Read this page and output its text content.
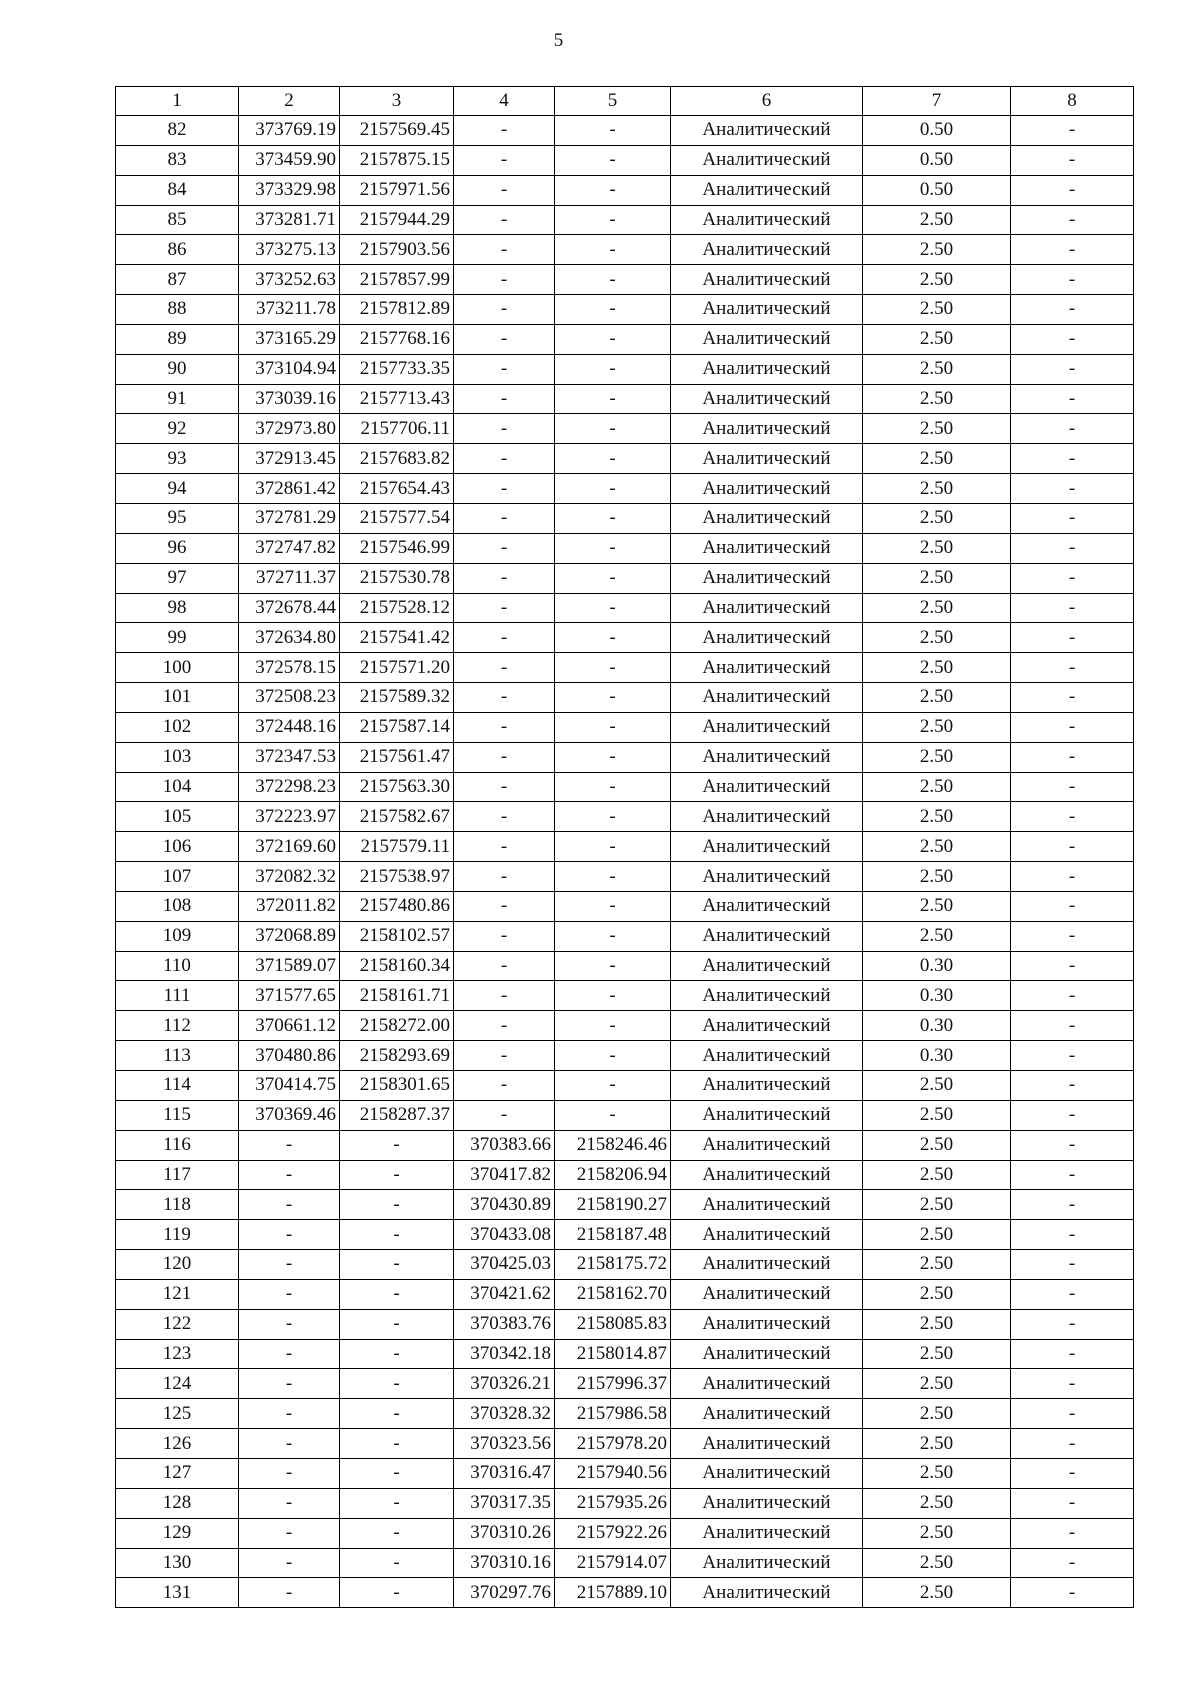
5
1	2	3	4	5	6	7	8
82	373769.19	2157569.45	-	-	Аналитический	0.50	-
83	373459.90	2157875.15	-	-	Аналитический	0.50	-
84	373329.98	2157971.56	-	-	Аналитический	0.50	-
85	373281.71	2157944.29	-	-	Аналитический	2.50	-
86	373275.13	2157903.56	-	-	Аналитический	2.50	-
87	373252.63	2157857.99	-	-	Аналитический	2.50	-
88	373211.78	2157812.89	-	-	Аналитический	2.50	-
89	373165.29	2157768.16	-	-	Аналитический	2.50	-
90	373104.94	2157733.35	-	-	Аналитический	2.50	-
91	373039.16	2157713.43	-	-	Аналитический	2.50	-
92	372973.80	2157706.11	-	-	Аналитический	2.50	-
93	372913.45	2157683.82	-	-	Аналитический	2.50	-
94	372861.42	2157654.43	-	-	Аналитический	2.50	-
95	372781.29	2157577.54	-	-	Аналитический	2.50	-
96	372747.82	2157546.99	-	-	Аналитический	2.50	-
97	372711.37	2157530.78	-	-	Аналитический	2.50	-
98	372678.44	2157528.12	-	-	Аналитический	2.50	-
99	372634.80	2157541.42	-	-	Аналитический	2.50	-
100	372578.15	2157571.20	-	-	Аналитический	2.50	-
101	372508.23	2157589.32	-	-	Аналитический	2.50	-
102	372448.16	2157587.14	-	-	Аналитический	2.50	-
103	372347.53	2157561.47	-	-	Аналитический	2.50	-
104	372298.23	2157563.30	-	-	Аналитический	2.50	-
105	372223.97	2157582.67	-	-	Аналитический	2.50	-
106	372169.60	2157579.11	-	-	Аналитический	2.50	-
107	372082.32	2157538.97	-	-	Аналитический	2.50	-
108	372011.82	2157480.86	-	-	Аналитический	2.50	-
109	372068.89	2158102.57	-	-	Аналитический	2.50	-
110	371589.07	2158160.34	-	-	Аналитический	0.30	-
111	371577.65	2158161.71	-	-	Аналитический	0.30	-
112	370661.12	2158272.00	-	-	Аналитический	0.30	-
113	370480.86	2158293.69	-	-	Аналитический	0.30	-
114	370414.75	2158301.65	-	-	Аналитический	2.50	-
115	370369.46	2158287.37	-	-	Аналитический	2.50	-
116	-	-	370383.66	2158246.46	Аналитический	2.50	-
117	-	-	370417.82	2158206.94	Аналитический	2.50	-
118	-	-	370430.89	2158190.27	Аналитический	2.50	-
119	-	-	370433.08	2158187.48	Аналитический	2.50	-
120	-	-	370425.03	2158175.72	Аналитический	2.50	-
121	-	-	370421.62	2158162.70	Аналитический	2.50	-
122	-	-	370383.76	2158085.83	Аналитический	2.50	-
123	-	-	370342.18	2158014.87	Аналитический	2.50	-
124	-	-	370326.21	2157996.37	Аналитический	2.50	-
125	-	-	370328.32	2157986.58	Аналитический	2.50	-
126	-	-	370323.56	2157978.20	Аналитический	2.50	-
127	-	-	370316.47	2157940.56	Аналитический	2.50	-
128	-	-	370317.35	2157935.26	Аналитический	2.50	-
129	-	-	370310.26	2157922.26	Аналитический	2.50	-
130	-	-	370310.16	2157914.07	Аналитический	2.50	-
131	-	-	370297.76	2157889.10	Аналитический	2.50	-
